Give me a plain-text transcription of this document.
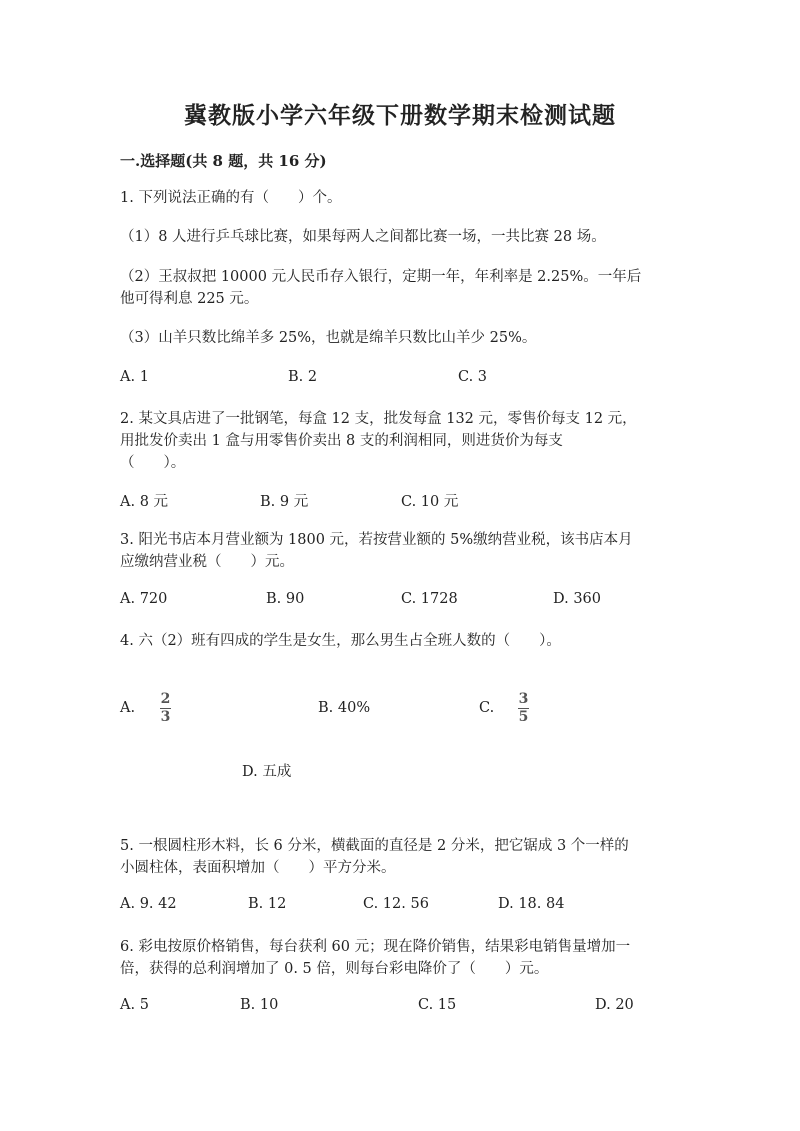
冀教版小学六年级下册数学期末检测试题
一.选择题(共 8 题，共 16 分)
1. 下列说法正确的有（　　）个。
（1）8 人进行乒乓球比赛，如果每两人之间都比赛一场，一共比赛 28 场。
（2）王叔叔把 10000 元人民币存入银行，定期一年，年利率是 2.25%。一年后
他可得利息 225 元。
（3）山羊只数比绵羊多 25%，也就是绵羊只数比山羊少 25%。
A. 1	B. 2	C. 3
2. 某文具店进了一批钢笔，每盒 12 支，批发每盒 132 元，零售价每支 12 元，
用批发价卖出 1 盒与用零售价卖出 8 支的利润相同，则进货价为每支
（　　）。
A. 8 元	B. 9 元	C. 10 元
3. 阳光书店本月营业额为 1800 元，若按营业额的 5%缴纳营业税，该书店本月
应缴纳营业税（　　）元。
A. 720	B. 90	C. 1728	D. 360
4. 六（2）班有四成的学生是女生，那么男生占全班人数的（　　）。
A.
2
3
B. 40%	C.
3
5
D. 五成
5. 一根圆柱形木料，长 6 分米，横截面的直径是 2 分米，把它锯成 3 个一样的
小圆柱体，表面积增加（　　）平方分米。
A. 9. 42	B. 12	C. 12. 56	D. 18. 84
6. 彩电按原价格销售，每台获利 60 元；现在降价销售，结果彩电销售量增加一
倍，获得的总利润增加了 0. 5 倍，则每台彩电降价了（　　）元。
A. 5	B. 10	C. 15	D. 20
